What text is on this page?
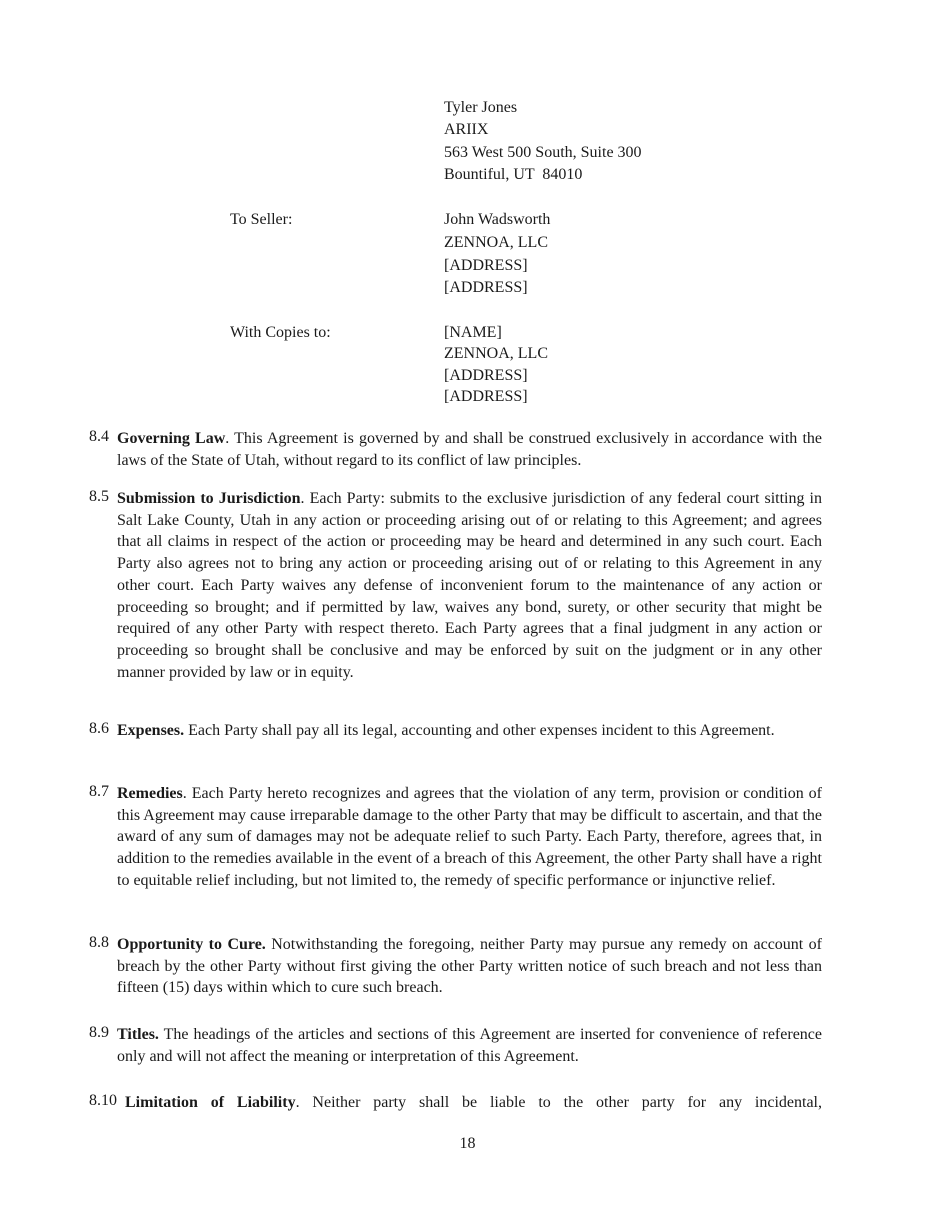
Tyler Jones
ARIIX
563 West 500 South, Suite 300
Bountiful, UT  84010
To Seller:	John Wadsworth
ZENNOA, LLC
[ADDRESS]
[ADDRESS]
With Copies to:	[NAME]
ZENNOA, LLC
[ADDRESS]
[ADDRESS]
8.4 Governing Law. This Agreement is governed by and shall be construed exclusively in accordance with the laws of the State of Utah, without regard to its conflict of law principles.
8.5 Submission to Jurisdiction. Each Party: submits to the exclusive jurisdiction of any federal court sitting in Salt Lake County, Utah in any action or proceeding arising out of or relating to this Agreement; and agrees that all claims in respect of the action or proceeding may be heard and determined in any such court. Each Party also agrees not to bring any action or proceeding arising out of or relating to this Agreement in any other court. Each Party waives any defense of inconvenient forum to the maintenance of any action or proceeding so brought; and if permitted by law, waives any bond, surety, or other security that might be required of any other Party with respect thereto. Each Party agrees that a final judgment in any action or proceeding so brought shall be conclusive and may be enforced by suit on the judgment or in any other manner provided by law or in equity.
8.6 Expenses. Each Party shall pay all its legal, accounting and other expenses incident to this Agreement.
8.7 Remedies. Each Party hereto recognizes and agrees that the violation of any term, provision or condition of this Agreement may cause irreparable damage to the other Party that may be difficult to ascertain, and that the award of any sum of damages may not be adequate relief to such Party. Each Party, therefore, agrees that, in addition to the remedies available in the event of a breach of this Agreement, the other Party shall have a right to equitable relief including, but not limited to, the remedy of specific performance or injunctive relief.
8.8 Opportunity to Cure. Notwithstanding the foregoing, neither Party may pursue any remedy on account of breach by the other Party without first giving the other Party written notice of such breach and not less than fifteen (15) days within which to cure such breach.
8.9 Titles. The headings of the articles and sections of this Agreement are inserted for convenience of reference only and will not affect the meaning or interpretation of this Agreement.
8.10 Limitation of Liability. Neither party shall be liable to the other party for any incidental,
18
